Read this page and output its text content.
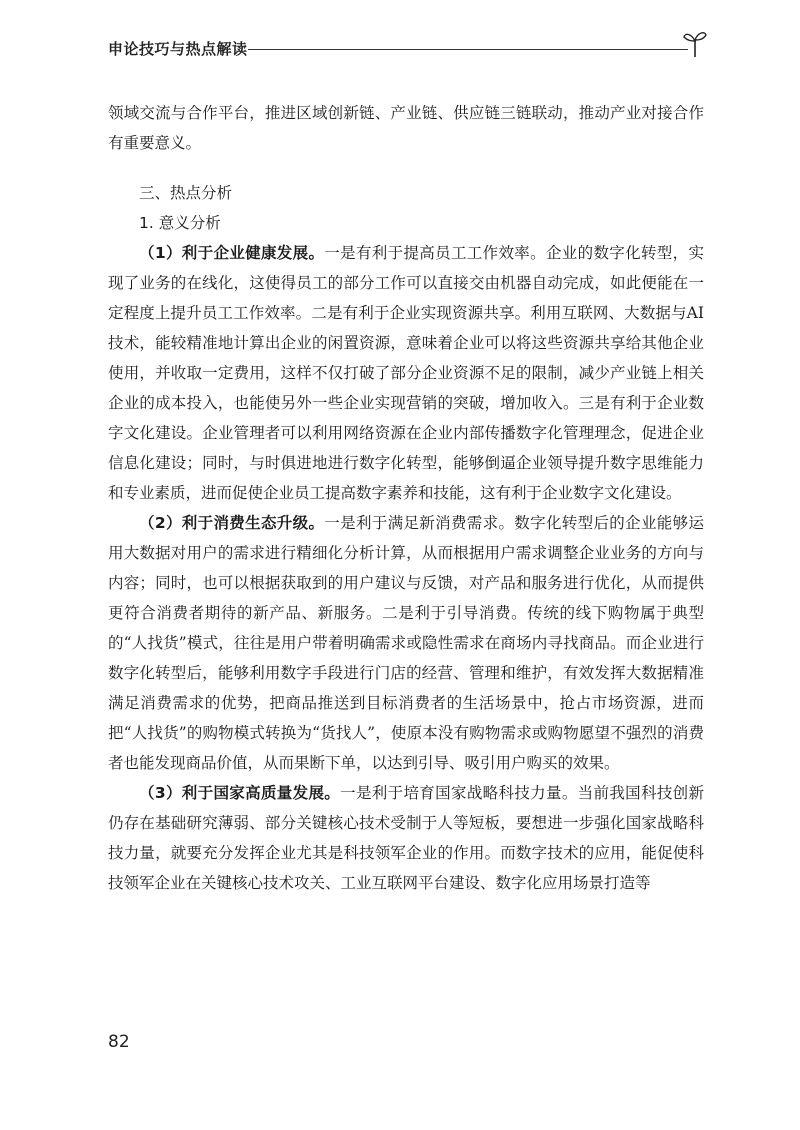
申论技巧与热点解读

领域交流与合作平台，推进区域创新链、产业链、供应链三链联动，推动产业对接合作有重要意义。

三、热点分析
1. 意义分析

（1）利于企业健康发展。一是有利于提高员工工作效率。企业的数字化转型，实现了业务的在线化，这使得员工的部分工作可以直接交由机器自动完成，如此便能在一定程度上提升员工工作效率。二是有利于企业实现资源共享。利用互联网、大数据与AI技术，能较精准地计算出企业的闲置资源，意味着企业可以将这些资源共享给其他企业使用，并收取一定费用，这样不仅打破了部分企业资源不足的限制，减少产业链上相关企业的成本投入，也能使另外一些企业实现营销的突破，增加收入。三是有利于企业数字文化建设。企业管理者可以利用网络资源在企业内部传播数字化管理理念，促进企业信息化建设；同时，与时俱进地进行数字化转型，能够倒逼企业领导提升数字思维能力和专业素质，进而促使企业员工提高数字素养和技能，这有利于企业数字文化建设。

（2）利于消费生态升级。一是利于满足新消费需求。数字化转型后的企业能够运用大数据对用户的需求进行精细化分析计算，从而根据用户需求调整企业业务的方向与内容；同时，也可以根据获取到的用户建议与反馈，对产品和服务进行优化，从而提供更符合消费者期待的新产品、新服务。二是利于引导消费。传统的线下购物属于典型的“人找货”模式，往往是用户带着明确需求或隐性需求在商场内寻找商品。而企业进行数字化转型后，能够利用数字手段进行门店的经营、管理和维护，有效发挥大数据精准满足消费需求的优势，把商品推送到目标消费者的生活场景中，抢占市场资源，进而把“人找货”的购物模式转换为“货找人”，使原本没有购物需求或购物愿望不强烈的消费者也能发现商品价值，从而果断下单，以达到引导、吸引用户购买的效果。

（3）利于国家高质量发展。一是利于培育国家战略科技力量。当前我国科技创新仍存在基础研究薄弱、部分关键核心技术受制于人等短板，要想进一步强化国家战略科技力量，就要充分发挥企业尤其是科技领军企业的作用。而数字技术的应用，能促使科技领军企业在关键核心技术攻关、工业互联网平台建设、数字化应用场景打造等

82
